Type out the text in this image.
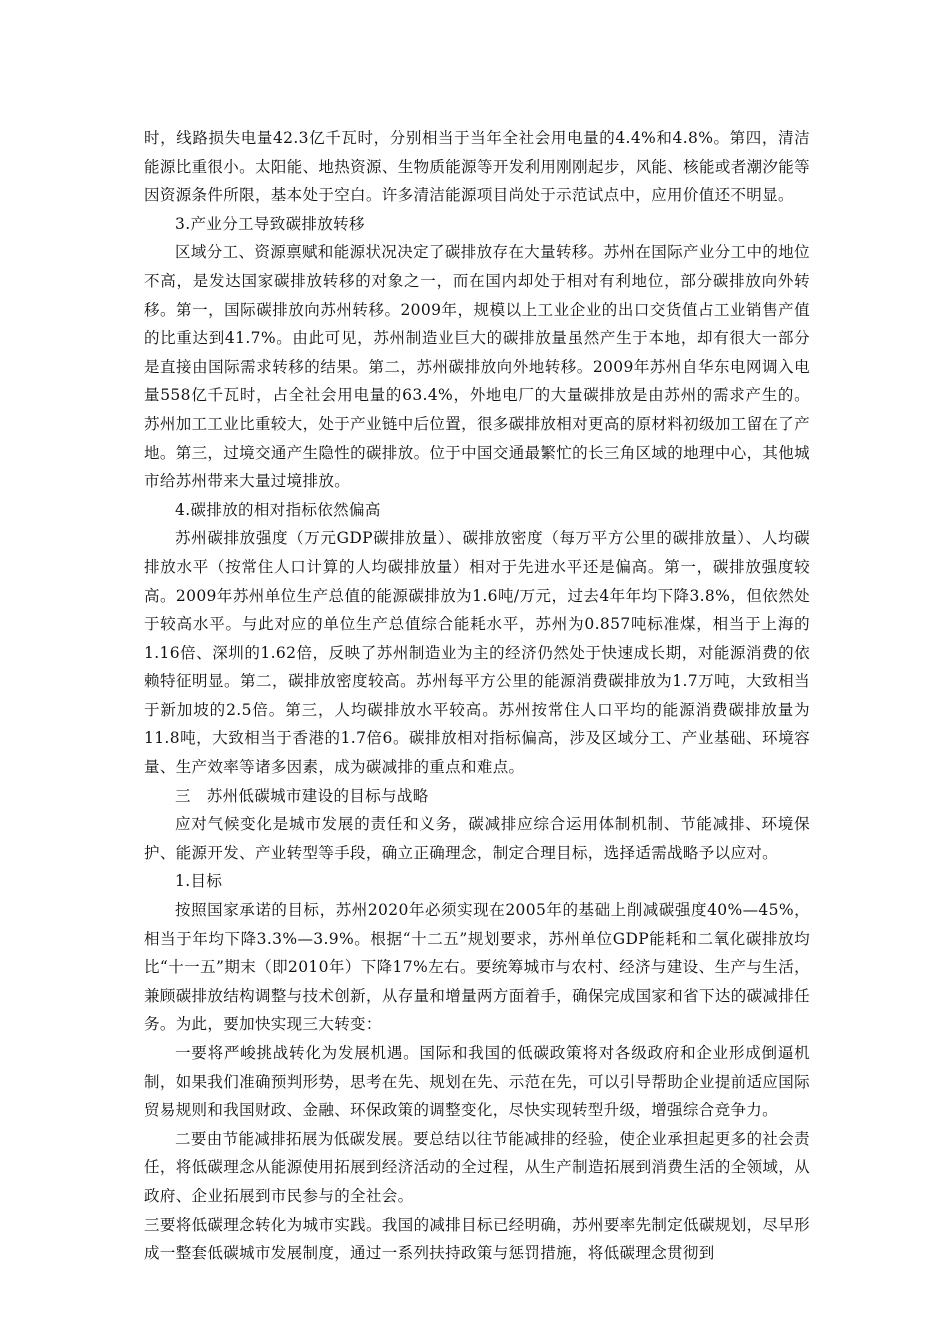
时，线路损失电量42.3亿千瓦时，分别相当于当年全社会用电量的4.4%和4.8%。第四，清洁能源比重很小。太阳能、地热资源、生物质能源等开发利用刚刚起步，风能、核能或者潮汐能等因资源条件所限，基本处于空白。许多清洁能源项目尚处于示范试点中，应用价值还不明显。

3.产业分工导致碳排放转移

区域分工、资源禀赋和能源状况决定了碳排放存在大量转移。苏州在国际产业分工中的地位不高，是发达国家碳排放转移的对象之一，而在国内却处于相对有利地位，部分碳排放向外转移。第一，国际碳排放向苏州转移。2009年，规模以上工业企业的出口交货值占工业销售产值的比重达到41.7%。由此可见，苏州制造业巨大的碳排放量虽然产生于本地，却有很大一部分是直接由国际需求转移的结果。第二，苏州碳排放向外地转移。2009年苏州自华东电网调入电量558亿千瓦时，占全社会用电量的63.4%，外地电厂的大量碳排放是由苏州的需求产生的。苏州加工工业比重较大，处于产业链中后位置，很多碳排放相对更高的原材料初级加工留在了产地。第三，过境交通产生隐性的碳排放。位于中国交通最繁忙的长三角区域的地理中心，其他城市给苏州带来大量过境排放。

4.碳排放的相对指标依然偏高

苏州碳排放强度（万元GDP碳排放量）、碳排放密度（每万平方公里的碳排放量）、人均碳排放水平（按常住人口计算的人均碳排放量）相对于先进水平还是偏高。第一，碳排放强度较高。2009年苏州单位生产总值的能源碳排放为1.6吨/万元，过去4年年均下降3.8%，但依然处于较高水平。与此对应的单位生产总值综合能耗水平，苏州为0.857吨标准煤，相当于上海的1.16倍、深圳的1.62倍，反映了苏州制造业为主的经济仍然处于快速成长期，对能源消费的依赖特征明显。第二，碳排放密度较高。苏州每平方公里的能源消费碳排放为1.7万吨，大致相当于新加坡的2.5倍。第三，人均碳排放水平较高。苏州按常住人口平均的能源消费碳排放量为11.8吨，大致相当于香港的1.7倍6。碳排放相对指标偏高，涉及区域分工、产业基础、环境容量、生产效率等诸多因素，成为碳减排的重点和难点。

三　苏州低碳城市建设的目标与战略

应对气候变化是城市发展的责任和义务，碳减排应综合运用体制机制、节能减排、环境保护、能源开发、产业转型等手段，确立正确理念，制定合理目标，选择适需战略予以应对。

1.目标

按照国家承诺的目标，苏州2020年必须实现在2005年的基础上削减碳强度40%—45%，相当于年均下降3.3%—3.9%。根据“十二五”规划要求，苏州单位GDP能耗和二氧化碳排放均比“十一五”期末（即2010年）下降17%左右。要统筹城市与农村、经济与建设、生产与生活，兼顾碳排放结构调整与技术创新，从存量和增量两方面着手，确保完成国家和省下达的碳减排任务。为此，要加快实现三大转变：

一要将严峻挑战转化为发展机遇。国际和我国的低碳政策将对各级政府和企业形成倒逼机制，如果我们准确预判形势，思考在先、规划在先、示范在先，可以引导帮助企业提前适应国际贸易规则和我国财政、金融、环保政策的调整变化，尽快实现转型升级，增强综合竞争力。

二要由节能减排拓展为低碳发展。要总结以往节能减排的经验，使企业承担起更多的社会责任，将低碳理念从能源使用拓展到经济活动的全过程，从生产制造拓展到消费生活的全领域，从政府、企业拓展到市民参与的全社会。

三要将低碳理念转化为城市实践。我国的减排目标已经明确，苏州要率先制定低碳规划，尽早形成一整套低碳城市发展制度，通过一系列扶持政策与惩罚措施，将低碳理念贯彻到
